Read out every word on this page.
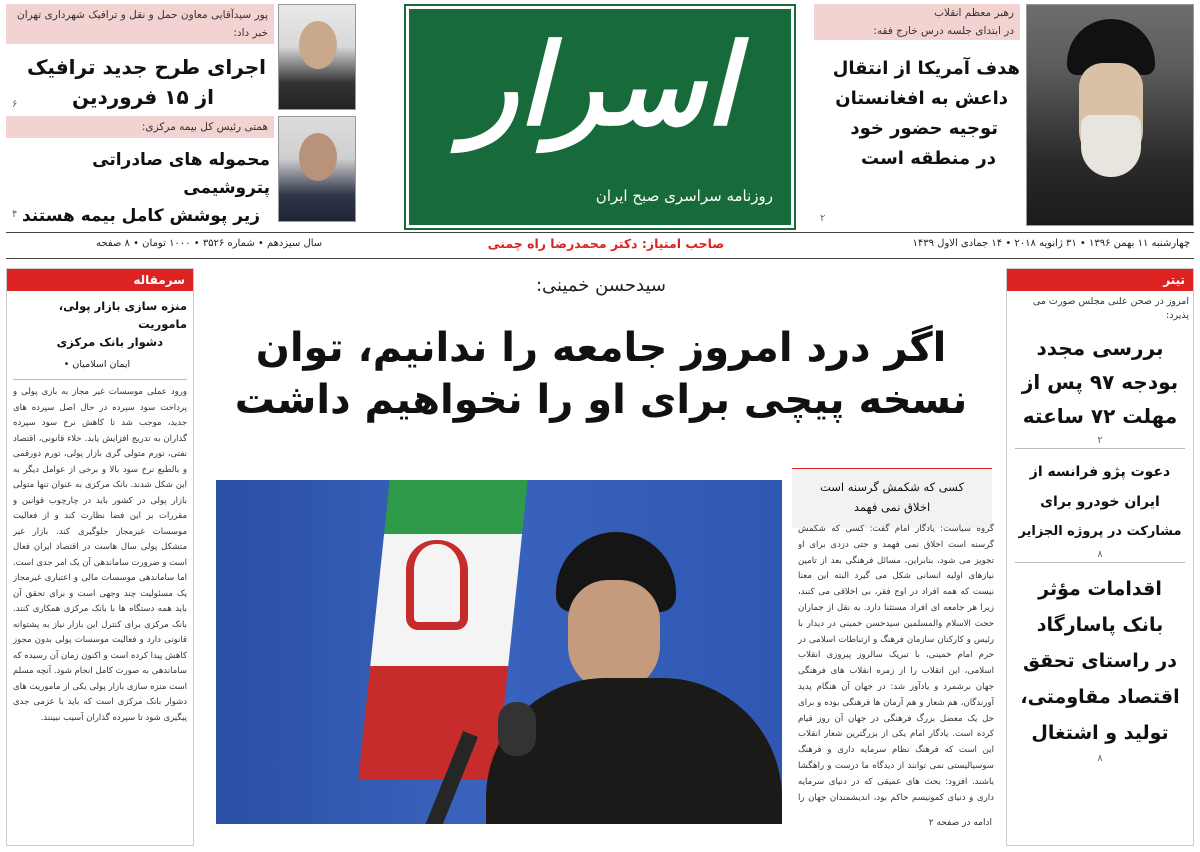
پور سیدآقایی معاون حمل و نقل و ترافیک شهرداری تهران خبر داد:
اجرای طرح جدید ترافیک
از ۱۵ فروردین
۶
همتی رئیس کل بیمه مرکزی:
محموله های صادراتی پتروشیمی
زیر پوشش کامل بیمه هستند
۴
اسرار
روزنامه سراسری صبح ایران
رهبر معظم انقلاب
در ابتدای جلسه درس خارج فقه:
هدف آمریکا از انتقال
داعش به افغانستان
توجیه حضور خود
در منطقه است
۲
چهارشنبه ۱۱ بهمن ۱۳۹۶ • ۳۱ ژانویه ۲۰۱۸ • ۱۴ جمادی الاول ۱۴۳۹
صاحب امتیاز: دکتر محمدرضا راه چمنی
سال سیزدهم • شماره ۳۵۲۶ • ۱۰۰۰ تومان • ۸ صفحه
سرمقاله
منزه سازی بازار پولی، ماموریت
دشوار بانک مرکزی
ایمان اسلامیان •
ورود عملی موسسات غیر مجاز به بازی پولی و پرداخت سود سپرده در حال اصل سپرده های جدید، موجب شد تا کاهش نرخ سود سپرده گذاران به تدریج افزایش یابد. خلاء قانونی، اقتصاد نفتی، تورم متولی گری بازار پولی، تورم دورقمی و بالطبع نرخ سود بالا و برخی از عوامل دیگر به این شکل شدند. بانک مرکزی به عنوان تنها متولی بازار پولی در کشور باید در چارچوب قوانین و مقررات بر این فضا نظارت کند و از فعالیت موسسات غیرمجاز جلوگیری کند. بازار غیر متشکل پولی سال هاست در اقتصاد ایران فعال است و ضرورت ساماندهی آن یک امر جدی است. اما ساماندهی موسسات مالی و اعتباری غیرمجاز یک مسئولیت چند وجهی است و برای تحقق آن باید همه دستگاه ها با بانک مرکزی همکاری کنند. بانک مرکزی برای کنترل این بازار نیاز به پشتوانه قانونی دارد و فعالیت موسسات پولی بدون مجوز کاهش پیدا کرده است و اکنون زمان آن رسیده که ساماندهی به صورت کامل انجام شود. آنچه مسلم است منزه سازی بازار پولی یکی از ماموریت های دشوار بانک مرکزی است که باید با عزمی جدی پیگیری شود تا سپرده گذاران آسیب نبینند.
سیدحسن خمینی:
اگر درد امروز جامعه را ندانیم، توان
نسخه پیچی برای او را نخواهیم داشت
کسی که شکمش گرسنه است
اخلاق نمی فهمد
گروه سیاست: یادگار امام گفت: کسی که شکمش گرسنه است اخلاق نمی فهمد و حتی دزدی برای او تجویز می شود، بنابراین، مسائل فرهنگی بعد از تامین نیازهای اولیه انسانی شکل می گیرد البته این معنا نیست که همه افراد در اوج فقر، بی اخلاقی می کنند، زیرا هر جامعه ای افراد مستثنا دارد. به نقل از جماران حجت الاسلام والمسلمین سیدحسن خمینی در دیدار با رئیس و کارکنان سازمان فرهنگ و ارتباطات اسلامی در حرم امام خمینی، با تبریک سالروز پیروزی انقلاب اسلامی، این انقلاب را از زمره انقلاب های فرهنگی جهان برشمرد و یادآور شد: در جهان آن هنگام پدید آورندگان، هم شعار و هم آرمان ها فرهنگی بوده و برای حل یک معضل بزرگ فرهنگی در جهان آن روز قیام کرده است. یادگار امام یکی از بزرگترین شعار انقلاب این است که فرهنگ نظام سرمایه داری و فرهنگ سوسیالیستی نمی توانند از دیدگاه ما درست و راهگشا باشند. افزود: بحث های عمیقی که در دنیای سرمایه داری و دنیای کمونیسم حاکم بود، اندیشمندان جهان را
ادامه در صفحه ۲
تیتر
امروز در صحن علنی مجلس صورت می پذیرد:
بررسی مجدد
بودجه ۹۷ پس از
مهلت ۷۲ ساعته
۲
دعوت پژو فرانسه از
ایران خودرو برای
مشارکت در پروژه الجزایر
۸
اقدامات مؤثر
بانک پاسارگاد
در راستای تحقق
اقتصاد مقاومتی،
تولید و اشتغال
۸
